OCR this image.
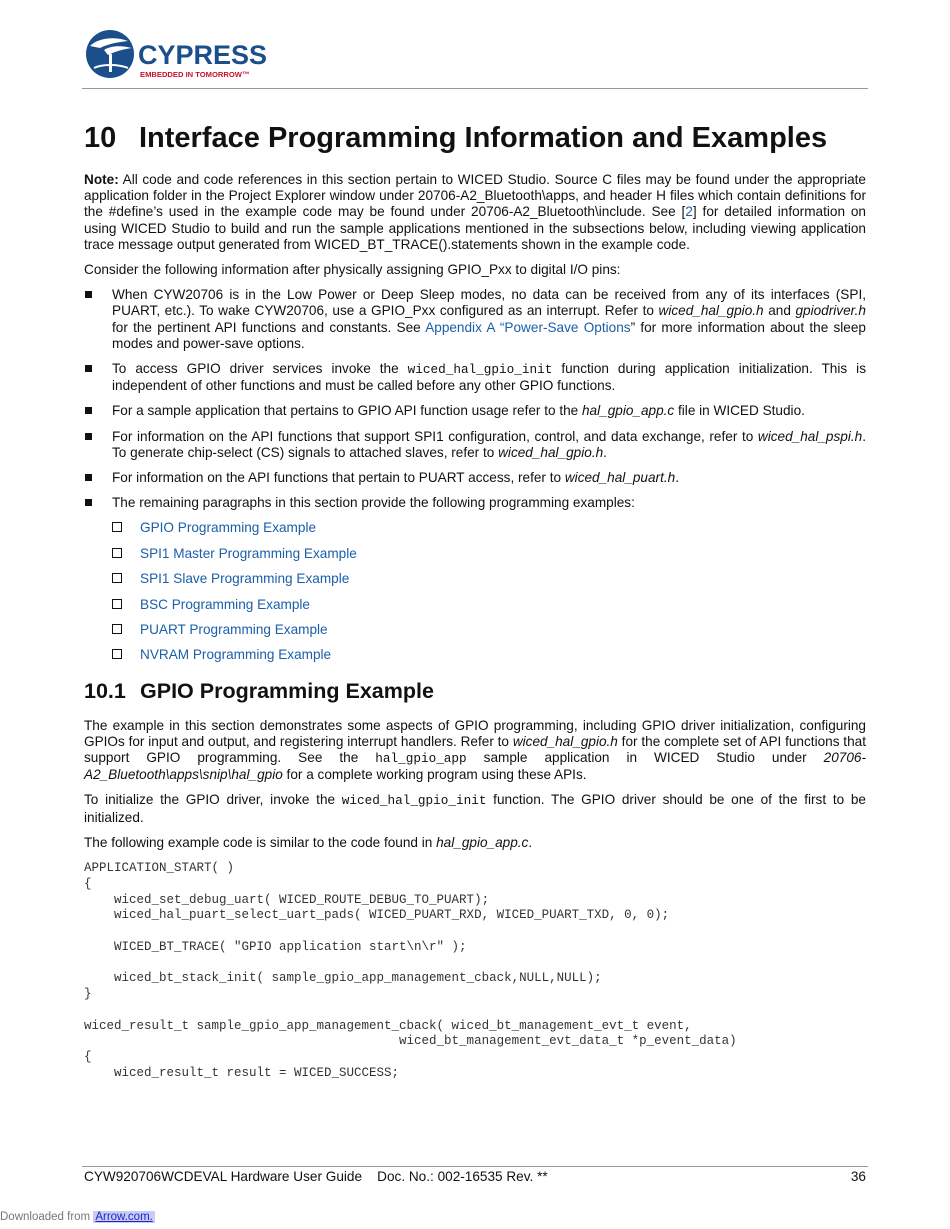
CYPRESS
EMBEDDED IN TOMORROW™
10 Interface Programming Information and Examples

Note: All code and code references in this section pertain to WICED Studio. Source C files may be found under the appropriate application folder in the Project Explorer window under 20706-A2_Bluetooth\apps, and header H files which contain definitions for the #define’s used in the example code may be found under 20706-A2_Bluetooth\include. See [2] for detailed information on using WICED Studio to build and run the sample applications mentioned in the subsections below, including viewing application trace message output generated from WICED_BT_TRACE().statements shown in the example code.

Consider the following information after physically assigning GPIO_Pxx to digital I/O pins:

When CYW20706 is in the Low Power or Deep Sleep modes, no data can be received from any of its interfaces (SPI, PUART, etc.). To wake CYW20706, use a GPIO_Pxx configured as an interrupt. Refer to wiced_hal_gpio.h and gpiodriver.h for the pertinent API functions and constants. See Appendix A “Power-Save Options” for more information about the sleep modes and power-save options.
To access GPIO driver services invoke the wiced_hal_gpio_init function during application initialization. This is independent of other functions and must be called before any other GPIO functions.
For a sample application that pertains to GPIO API function usage refer to the hal_gpio_app.c file in WICED Studio.
For information on the API functions that support SPI1 configuration, control, and data exchange, refer to wiced_hal_pspi.h. To generate chip-select (CS) signals to attached slaves, refer to wiced_hal_gpio.h.
For information on the API functions that pertain to PUART access, refer to wiced_hal_puart.h.
The remaining paragraphs in this section provide the following programming examples:
GPIO Programming Example
SPI1 Master Programming Example
SPI1 Slave Programming Example
BSC Programming Example
PUART Programming Example
NVRAM Programming Example
10.1 GPIO Programming Example

The example in this section demonstrates some aspects of GPIO programming, including GPIO driver initialization, configuring GPIOs for input and output, and registering interrupt handlers. Refer to wiced_hal_gpio.h for the complete set of API functions that support GPIO programming. See the hal_gpio_app sample application in WICED Studio under 20706-A2_Bluetooth\apps\snip\hal_gpio for a complete working program using these APIs.

To initialize the GPIO driver, invoke the wiced_hal_gpio_init function. The GPIO driver should be one of the first to be initialized.

The following example code is similar to the code found in hal_gpio_app.c.

APPLICATION_START( )
{
wiced_set_debug_uart( WICED_ROUTE_DEBUG_TO_PUART);
wiced_hal_puart_select_uart_pads( WICED_PUART_RXD, WICED_PUART_TXD, 0, 0);

WICED_BT_TRACE( "GPIO application start\n\r" );

wiced_bt_stack_init( sample_gpio_app_management_cback,NULL,NULL);
}

wiced_result_t sample_gpio_app_management_cback( wiced_bt_management_evt_t event,
wiced_bt_management_evt_data_t *p_event_data)
{
wiced_result_t result = WICED_SUCCESS;
CYW920706WCDEVAL Hardware User Guide Doc. No.: 002-16535 Rev. **	36
Downloaded from Arrow.com.
